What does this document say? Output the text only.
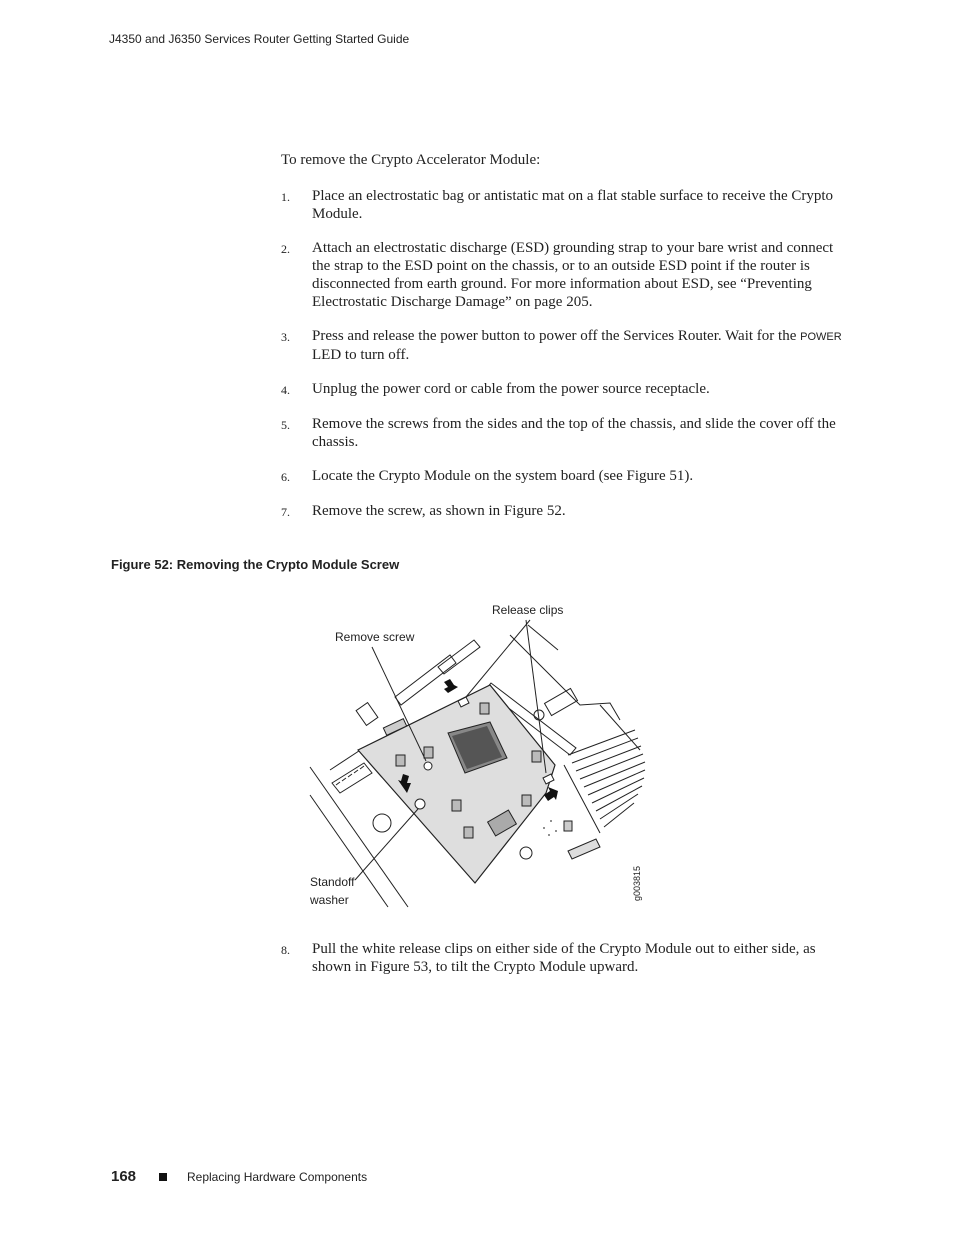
J4350 and J6350 Services Router Getting Started Guide
To remove the Crypto Accelerator Module:
1.	Place an electrostatic bag or antistatic mat on a flat stable surface to receive the Crypto Module.
2.	Attach an electrostatic discharge (ESD) grounding strap to your bare wrist and connect the strap to the ESD point on the chassis, or to an outside ESD point if the router is disconnected from earth ground. For more information about ESD, see “Preventing Electrostatic Discharge Damage” on page 205.
3.	Press and release the power button to power off the Services Router. Wait for the POWER LED to turn off.
4.	Unplug the power cord or cable from the power source receptacle.
5.	Remove the screws from the sides and the top of the chassis, and slide the cover off the chassis.
6.	Locate the Crypto Module on the system board (see Figure 51).
7.	Remove the screw, as shown in Figure 52.
Figure 52: Removing the Crypto Module Screw
Release clips
Remove screw
Standoff
washer	g003815
8.	Pull the white release clips on either side of the Crypto Module out to either side, as shown in Figure 53, to tilt the Crypto Module upward.
168	Replacing Hardware Components
